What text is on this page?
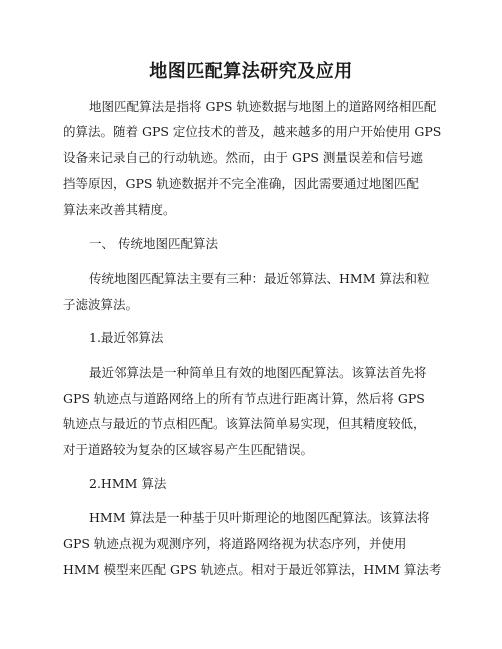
地图匹配算法研究及应用

地图匹配算法是指将 GPS 轨迹数据与地图上的道路网络相匹配

的算法。随着 GPS 定位技术的普及，越来越多的用户开始使用 GPS

设备来记录自己的行动轨迹。然而，由于 GPS 测量误差和信号遮

挡等原因，GPS 轨迹数据并不完全准确，因此需要通过地图匹配

算法来改善其精度。

一、 传统地图匹配算法

传统地图匹配算法主要有三种：最近邻算法、HMM 算法和粒

子滤波算法。

1.最近邻算法

最近邻算法是一种简单且有效的地图匹配算法。该算法首先将

GPS 轨迹点与道路网络上的所有节点进行距离计算，然后将 GPS

轨迹点与最近的节点相匹配。该算法简单易实现，但其精度较低，

对于道路较为复杂的区域容易产生匹配错误。

2.HMM 算法

HMM 算法是一种基于贝叶斯理论的地图匹配算法。该算法将

GPS 轨迹点视为观测序列，将道路网络视为状态序列，并使用

HMM 模型来匹配 GPS 轨迹点。相对于最近邻算法，HMM 算法考
